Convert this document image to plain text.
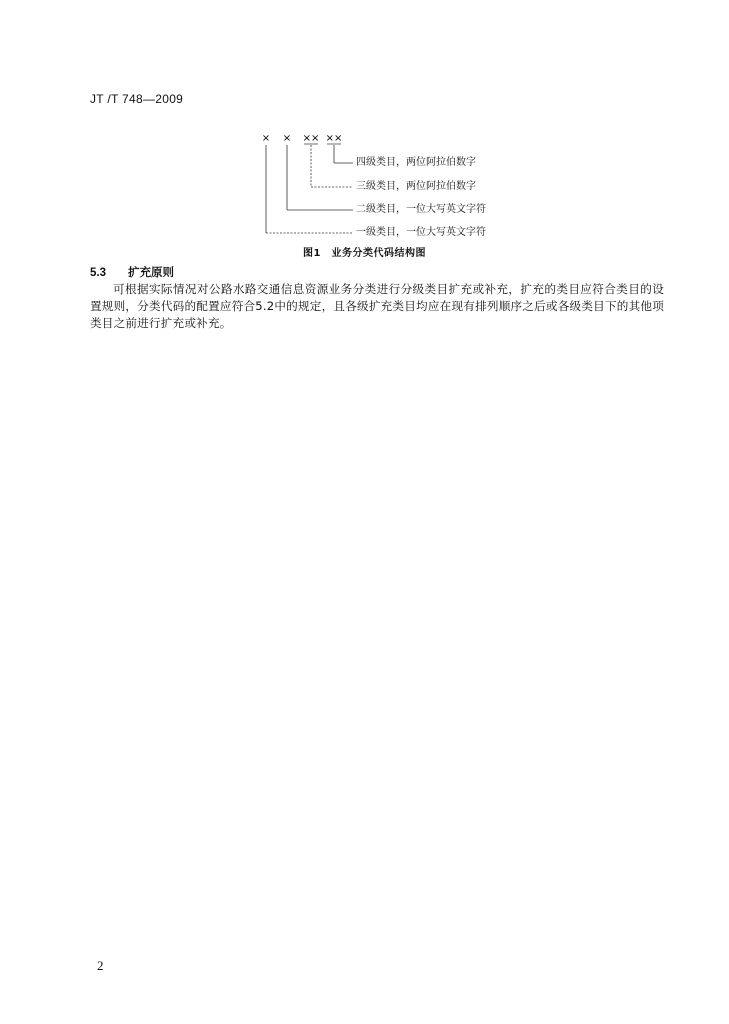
JT /T 748—2009
× × ×× ××
四级类目，两位阿拉伯数字
三级类目，两位阿拉伯数字
二级类目，一位大写英文字符
一级类目，一位大写英文字符
图1　业务分类代码结构图
5.3 扩充原则
可根据实际情况对公路水路交通信息资源业务分类进行分级类目扩充或补充，扩充的类目应符合类目的设置规则，分类代码的配置应符合5.2中的规定，且各级扩充类目均应在现有排列顺序之后或各级类目下的其他项类目之前进行扩充或补充。
2
